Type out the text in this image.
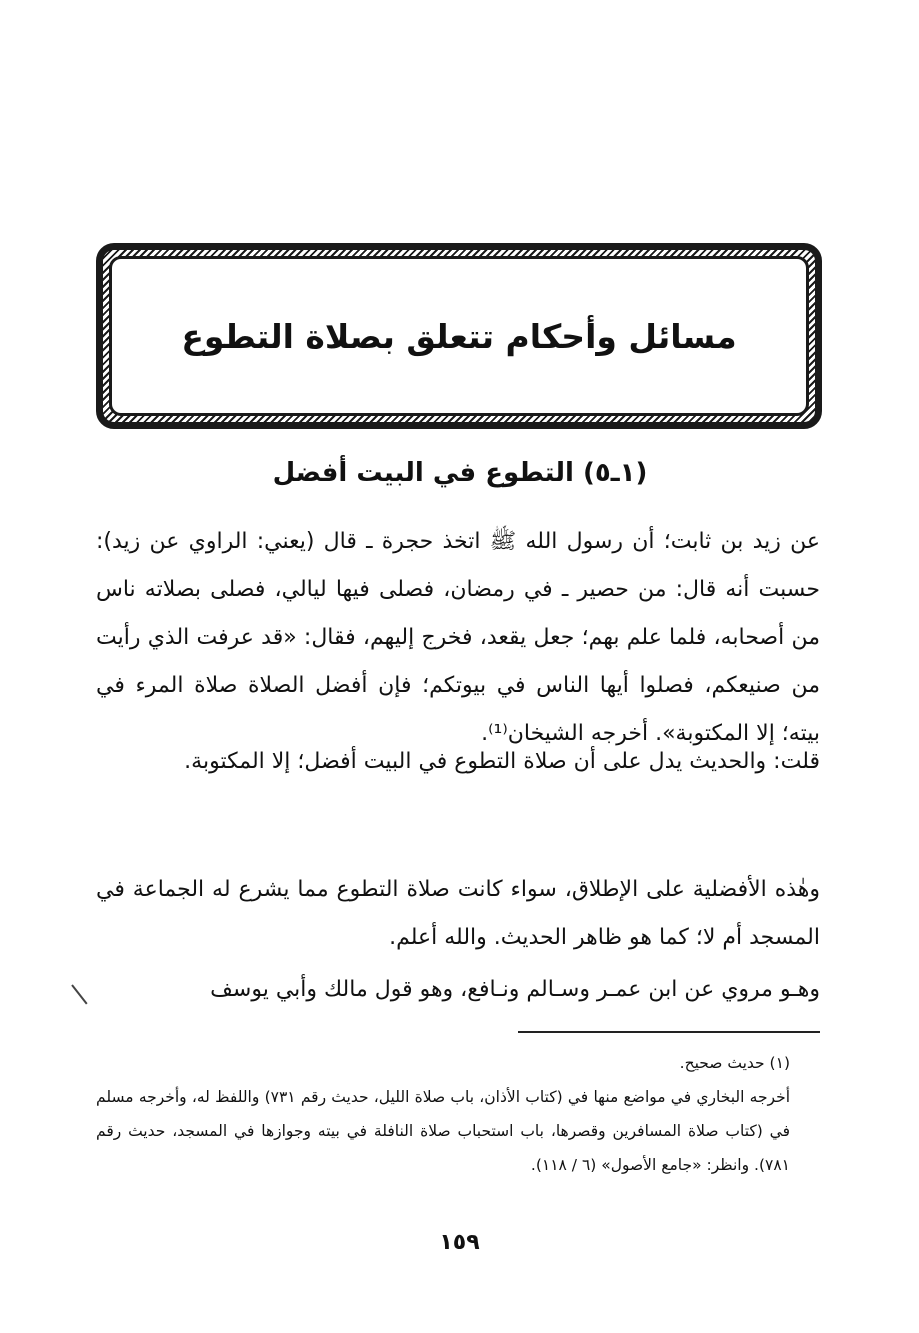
مسائل وأحكام تتعلق بصلاة التطوع
(١ـ٥) التطوع في البيت أفضل

عن زيد بن ثابت؛ أن رسول الله ﷺ اتخذ حجرة ـ قال (يعني: الراوي عن زيد): حسبت أنه قال: من حصير ـ في رمضان، فصلى فيها ليالي، فصلى بصلاته ناس من أصحابه، فلما علم بهم؛ جعل يقعد، فخرج إليهم، فقال: «قد عرفت الذي رأيت من صنيعكم، فصلوا أيها الناس في بيوتكم؛ فإن أفضل الصلاة صلاة المرء في بيته؛ إلا المكتوبة». أخرجه الشيخان⁽¹⁾.

قلت: والحديث يدل على أن صلاة التطوع في البيت أفضل؛ إلا المكتوبة.

وهٰذه الأفضلية على الإطلاق، سواء كانت صلاة التطوع مما يشرع له الجماعة في المسجد أم لا؛ كما هو ظاهر الحديث. والله أعلم.

وهـو مروي عن ابن عمـر وسـالم ونـافع، وهو قول مالك وأبي يوسف

(١) حديث صحيح.

أخرجه البخاري في مواضع منها في (كتاب الأذان، باب صلاة الليل، حديث رقم ٧٣١) واللفظ له، وأخرجه مسلم في (كتاب صلاة المسافرين وقصرها، باب استحباب صلاة النافلة في بيته وجوازها في المسجد، حديث رقم ٧٨١). وانظر: «جامع الأصول» (٦ / ١١٨).

١٥٩
